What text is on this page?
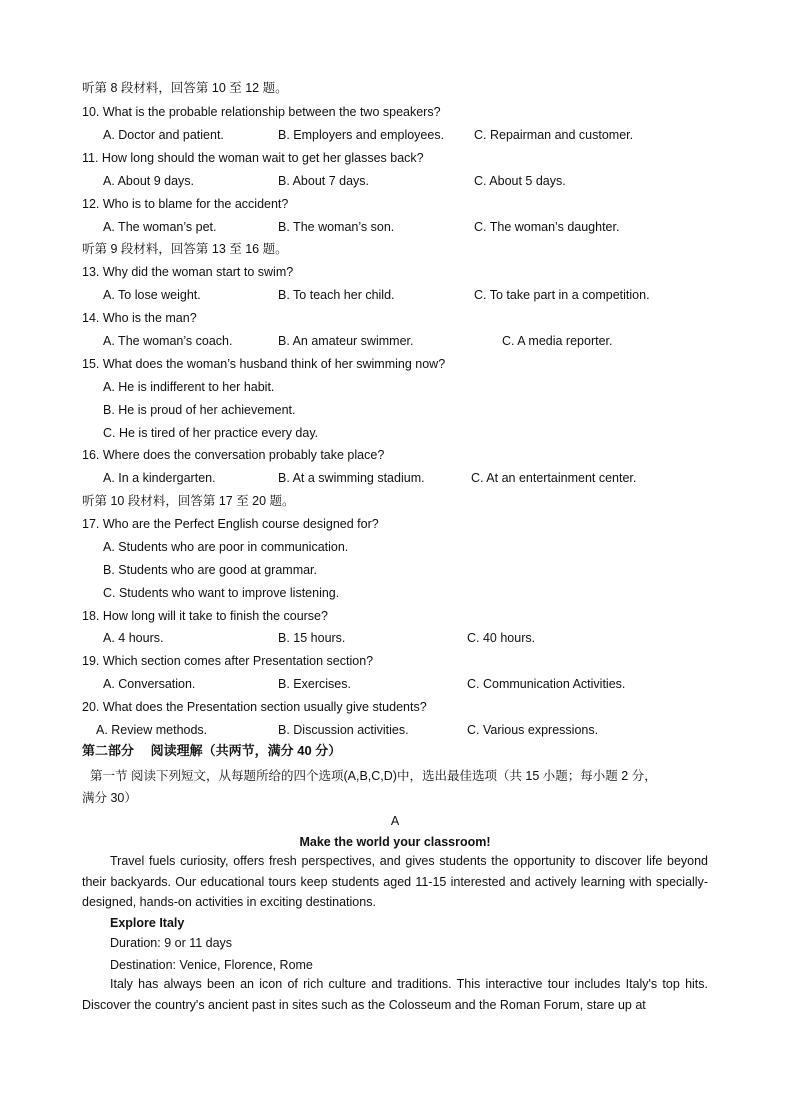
听第 8 段材料，回答第 10 至 12 题。
10. What is the probable relationship between the two speakers?
A. Doctor and patient.	B. Employers and employees. C. Repairman and customer.
11. How long should the woman wait to get her glasses back?
A. About 9 days.	B. About 7 days.	C. About 5 days.
12. Who is to blame for the accident?
A. The woman’s pet.	B. The woman’s son.	C. The woman’s daughter.
听第 9 段材料，回答第 13 至 16 题。
13. Why did the woman start to swim?
A. To lose weight.	B. To teach her child.	C. To take part in a competition.
14. Who is the man?
A. The woman’s coach.	B. An amateur swimmer.	C. A media reporter.
15. What does the woman’s husband think of her swimming now?
A. He is indifferent to her habit.
B. He is proud of her achievement.
C. He is tired of her practice every day.
16. Where does the conversation probably take place?
A. In a kindergarten.	B. At a swimming stadium.	C. At an entertainment center.
听第 10 段材料，回答第 17 至 20 题。
17. Who are the Perfect English course designed for?
A. Students who are poor in communication.
B. Students who are good at grammar.
C. Students who want to improve listening.
18. How long will it take to finish the course?
A. 4 hours.	B. 15 hours.	C. 40 hours.
19. Which section comes after Presentation section?
A. Conversation.	B. Exercises.	C. Communication Activities.
20. What does the Presentation section usually give students?
A. Review methods.	B. Discussion activities.	C. Various expressions.
第二部分　 阅读理解（共两节，满分 40 分）
第一节 阅读下列短文，从每题所给的四个选项(A,B,C,D)中，选出最佳选项（共 15 小题；每小题 2 分，
满分 30）
A
Make the world your classroom!
Travel fuels curiosity, offers fresh perspectives, and gives students the opportunity to discover life beyond their backyards. Our educational tours keep students aged 11-15 interested and actively learning with specially-designed, hands-on activities in exciting destinations.
Explore Italy
Duration: 9 or 11 days
Destination: Venice, Florence, Rome
Italy has always been an icon of rich culture and traditions. This interactive tour includes Italy's top hits. Discover the country's ancient past in sites such as the Colosseum and the Roman Forum, stare up at
